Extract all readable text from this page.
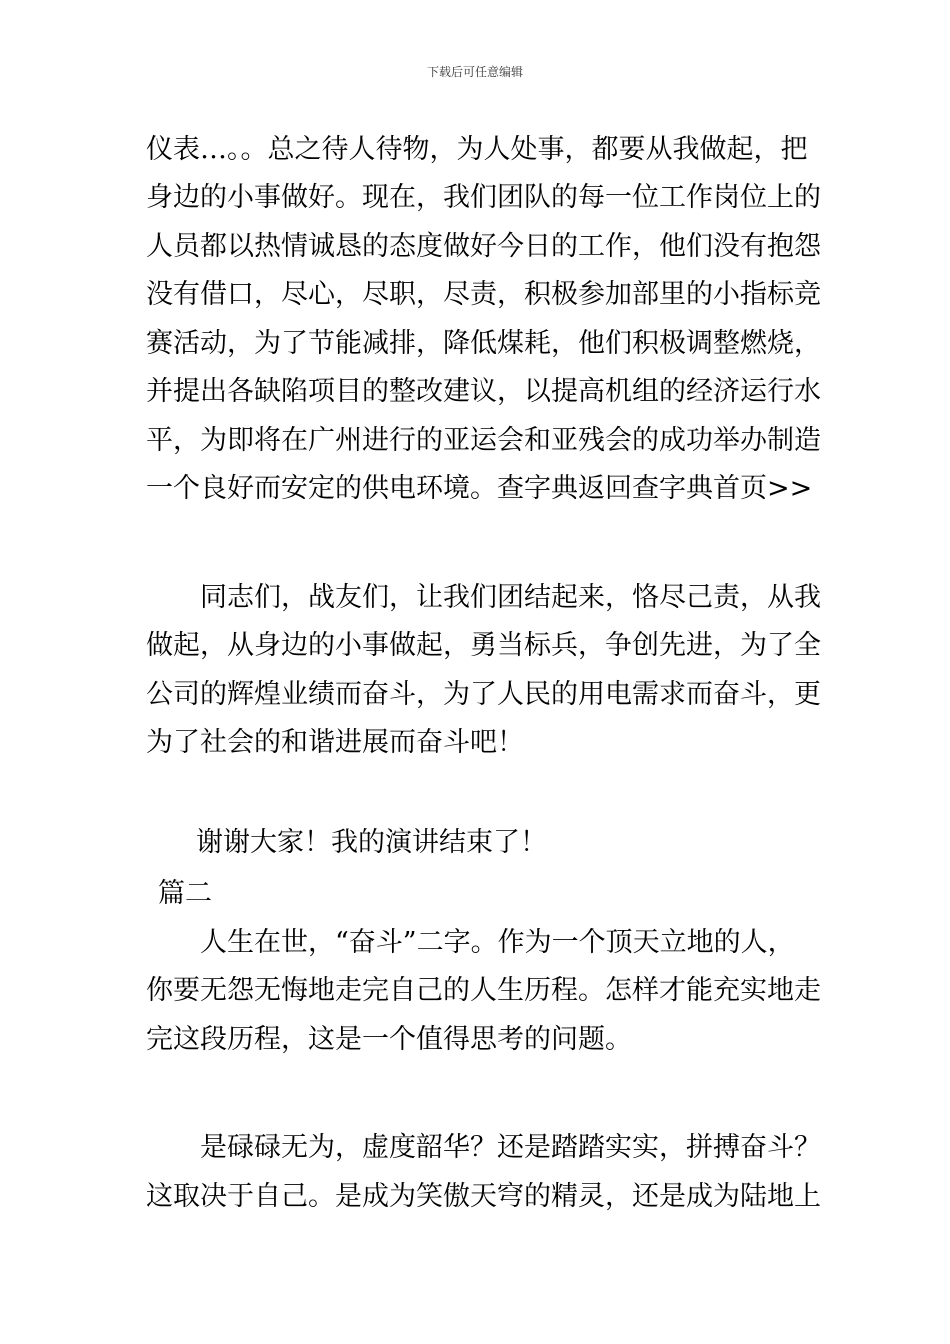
下载后可任意编辑
仪表…。。总之待人待物，为人处事，都要从我做起，把
身边的小事做好。现在，我们团队的每一位工作岗位上的
人员都以热情诚恳的态度做好今日的工作，他们没有抱怨
没有借口，尽心，尽职，尽责，积极参加部里的小指标竞
赛活动，为了节能减排，降低煤耗，他们积极调整燃烧，
并提出各缺陷项目的整改建议，以提高机组的经济运行水
平，为即将在广州进行的亚运会和亚残会的成功举办制造
一个良好而安定的供电环境。查字典返回查字典首页>>
同志们，战友们，让我们团结起来，恪尽己责，从我
做起，从身边的小事做起，勇当标兵，争创先进，为了全
公司的辉煌业绩而奋斗，为了人民的用电需求而奋斗，更
为了社会的和谐进展而奋斗吧！
谢谢大家！我的演讲结束了！
篇二
人生在世，“奋斗”二字。作为一个顶天立地的人，
你要无怨无悔地走完自己的人生历程。怎样才能充实地走
完这段历程，这是一个值得思考的问题。
是碌碌无为，虚度韶华？还是踏踏实实，拼搏奋斗？
这取决于自己。是成为笑傲天穹的精灵，还是成为陆地上
